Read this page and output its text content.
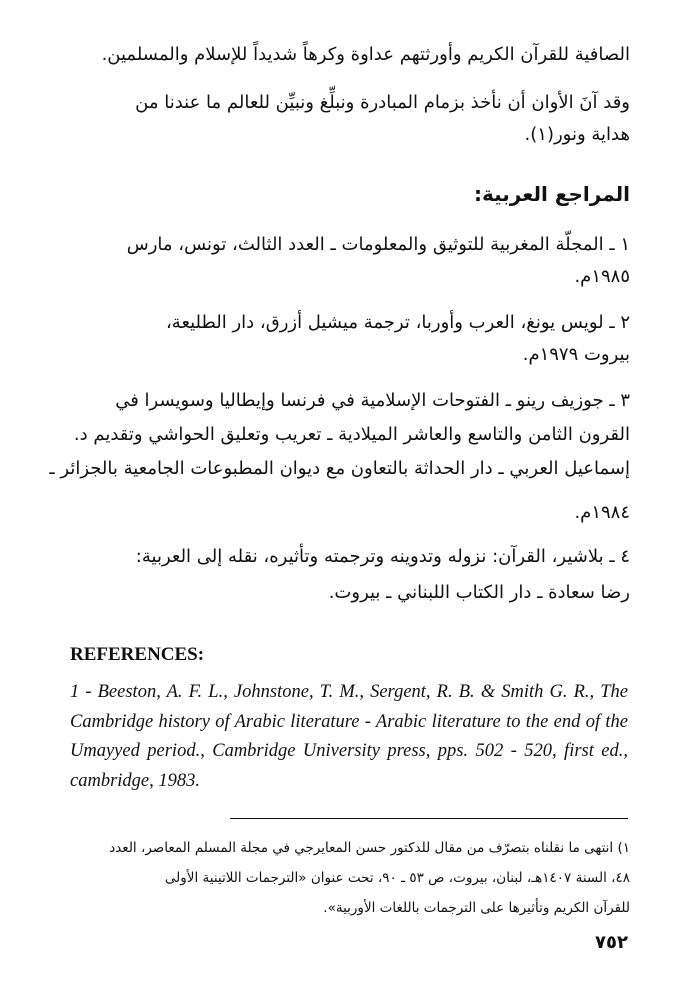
الصافية للقرآن الكريم وأورثتهم عداوة وكرهاً شديداً للإسلام والمسلمين.

وقد آنَ الأوان أن نأخذ بزمام المبادرة ونبلِّغ ونبيِّن للعالم ما عندنا من

هداية ونور(١).

المراجع العربية:

١ ـ المجلّة المغربية للتوثيق والمعلومات ـ العدد الثالث، تونس، مارس

١٩٨٥م.

٢ ـ لويس يونغ، العرب وأوربا، ترجمة ميشيل أزرق، دار الطليعة،

بيروت ١٩٧٩م.

٣ ـ جوزيف رينو ـ الفتوحات الإسلامية في فرنسا وإيطاليا وسويسرا في

القرون الثامن والتاسع والعاشر الميلادية ـ تعريب وتعليق الحواشي وتقديم د.

إسماعيل العربي ـ دار الحداثة بالتعاون مع ديوان المطبوعات الجامعية بالجزائر ـ

١٩٨٤م.

٤ ـ بلاشير، القرآن: نزوله وتدوينه وترجمته وتأثيره، نقله إلى العربية:

رضا سعادة ـ دار الكتاب اللبناني ـ بيروت.

REFERENCES:

1 - Beeston, A. F. L., Johnstone, T. M., Sergent, R. B. & Smith G. R., The Cambridge history of Arabic literature - Arabic literature to the end of the Umayyed period., Cambridge University press, pps. 502 - 520, first ed., cambridge, 1983.

١) انتهى ما نقلناه بتصرّف من مقال للدكتور حسن المعايرجي في مجلة المسلم المعاصر، العدد

٤٨، السنة ١٤٠٧هـ، لبنان، بيروت، ص ٥٣ ـ ٩٠، تحت عنوان «الترجمات اللاتينية الأولى

للقرآن الكريم وتأثيرها على الترجمات باللغات الأوربية».

٧٥٢
